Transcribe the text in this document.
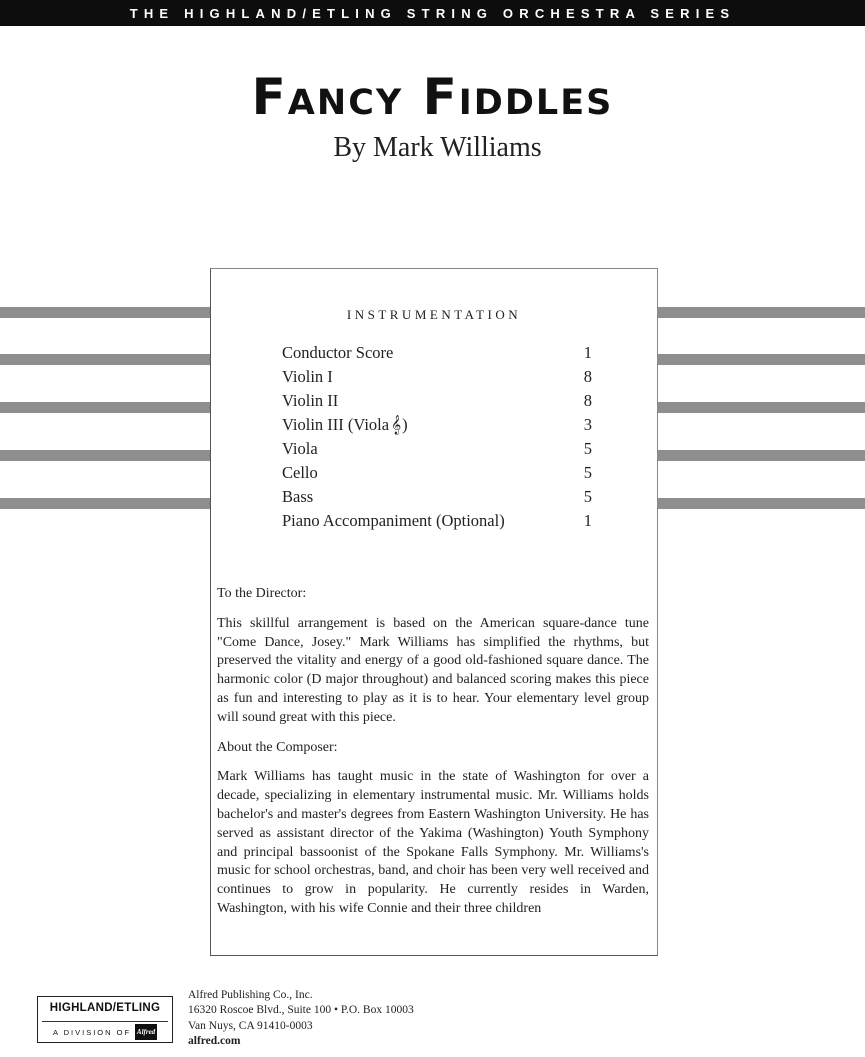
THE HIGHLAND/ETLING STRING ORCHESTRA SERIES
Fancy Fiddles
By Mark Williams
INSTRUMENTATION
Conductor Score	1
Violin I	8
Violin II	8
Violin III (Viola 𝄞 )	3
Viola	5
Cello	5
Bass	5
Piano Accompaniment (Optional)	1

To the Director:

This skillful arrangement is based on the American square-dance tune "Come Dance, Josey." Mark Williams has simplified the rhythms, but preserved the vitality and energy of a good old-fashioned square dance. The harmonic color (D major throughout) and balanced scoring makes this piece as fun and interesting to play as it is to hear. Your elementary level group will sound great with this piece.

About the Composer:

Mark Williams has taught music in the state of Washington for over a decade, specializing in elementary instrumental music. Mr. Williams holds bachelor's and master's degrees from Eastern Washington University. He has served as assistant director of the Yakima (Washington) Youth Symphony and principal bassoonist of the Spokane Falls Symphony. Mr. Williams's music for school orchestras, band, and choir has been very well received and continues to grow in popularity. He currently resides in Warden, Washington, with his wife Connie and their three children

HIGHLAND/ETLING
A DIVISION OF Alfred
Alfred Publishing Co., Inc.
16320 Roscoe Blvd., Suite 100 • P.O. Box 10003
Van Nuys, CA 91410-0003
alfred.com
